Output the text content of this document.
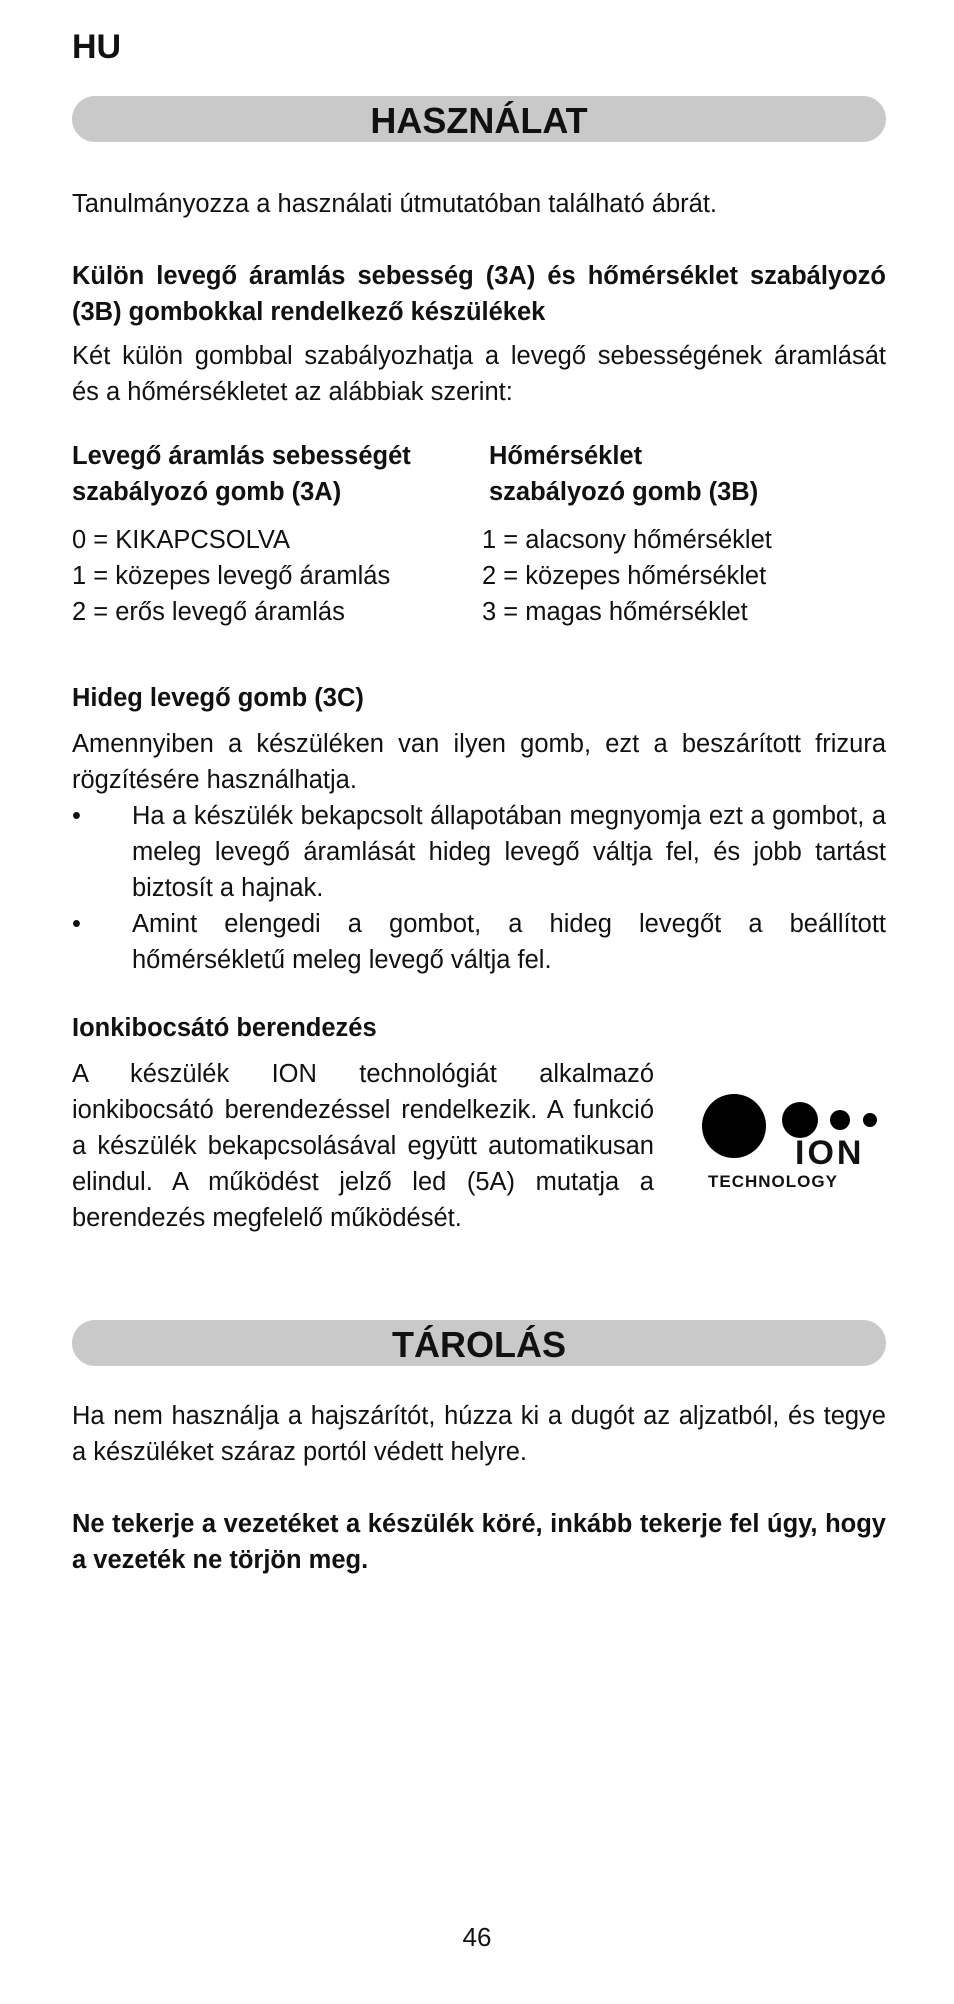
HU
HASZNÁLAT
Tanulmányozza a használati útmutatóban található ábrát.
Külön levegő áramlás sebesség (3A) és hőmérséklet szabályozó (3B) gombokkal rendelkező készülékek
Két külön gombbal szabályozhatja a levegő sebességének áramlását és a hőmérsékletet az alábbiak szerint:
Levegő áramlás sebességét
szabályozó gomb (3A)
Hőmérséklet
szabályozó gomb (3B)
0 = KIKAPCSOLVA
1 = közepes levegő áramlás
2 = erős levegő áramlás
1 = alacsony hőmérséklet
2 = közepes hőmérséklet
3 = magas hőmérséklet
Hideg levegő gomb (3C)
Amennyiben a készüléken van ilyen gomb, ezt a beszárított frizura rögzítésére használhatja.
• Ha a készülék bekapcsolt állapotában megnyomja ezt a gombot, a meleg levegő áramlását hideg levegő váltja fel, és jobb tartást biztosít a hajnak.
• Amint elengedi a gombot, a hideg levegőt a beállított hőmérsékletű meleg levegő váltja fel.
Ionkibocsátó berendezés
A készülék ION technológiát alkalmazó ionkibocsátó berendezéssel rendelkezik. A funkció a készülék bekapcsolásával együtt automatikusan elindul. A működést jelző led (5A) mutatja a berendezés megfelelő működését.
ION
TECHNOLOGY
TÁROLÁS
Ha nem használja a hajszárítót, húzza ki a dugót az aljzatból, és tegye a készüléket száraz portól védett helyre.
Ne tekerje a vezetéket a készülék köré, inkább tekerje fel úgy, hogy a vezeték ne törjön meg.
46
